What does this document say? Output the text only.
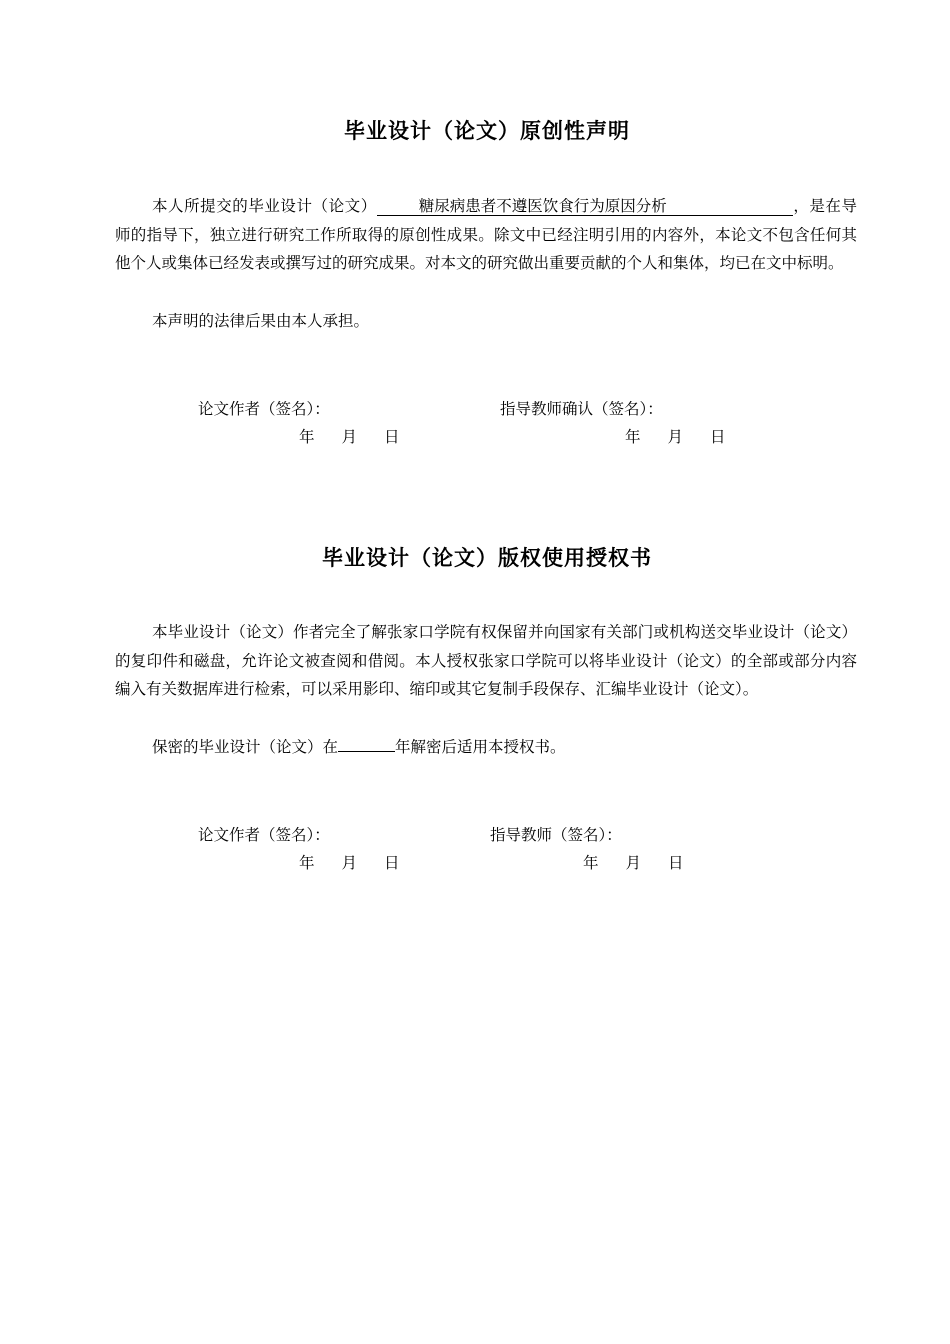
毕业设计（论文）原创性声明

本人所提交的毕业设计（论文）	糖尿病患者不遵医饮食行为原因分析	，是在导师的指导下，独立进行研究工作所取得的原创性成果。除文中已经注明引用的内容外，本论文不包含任何其他个人或集体已经发表或撰写过的研究成果。对本文的研究做出重要贡献的个人和集体，均已在文中标明。

本声明的法律后果由本人承担。

论文作者（签名）：	指导教师确认（签名）：
年 月 日	年 月 日
毕业设计（论文）版权使用授权书

本毕业设计（论文）作者完全了解张家口学院有权保留并向国家有关部门或机构送交毕业设计（论文）的复印件和磁盘，允许论文被查阅和借阅。本人授权张家口学院可以将毕业设计（论文）的全部或部分内容编入有关数据库进行检索，可以采用影印、缩印或其它复制手段保存、汇编毕业设计（论文）。

保密的毕业设计（论文）在	年解密后适用本授权书。

论文作者（签名）：	指导教师（签名）：
年 月 日	年 月 日
